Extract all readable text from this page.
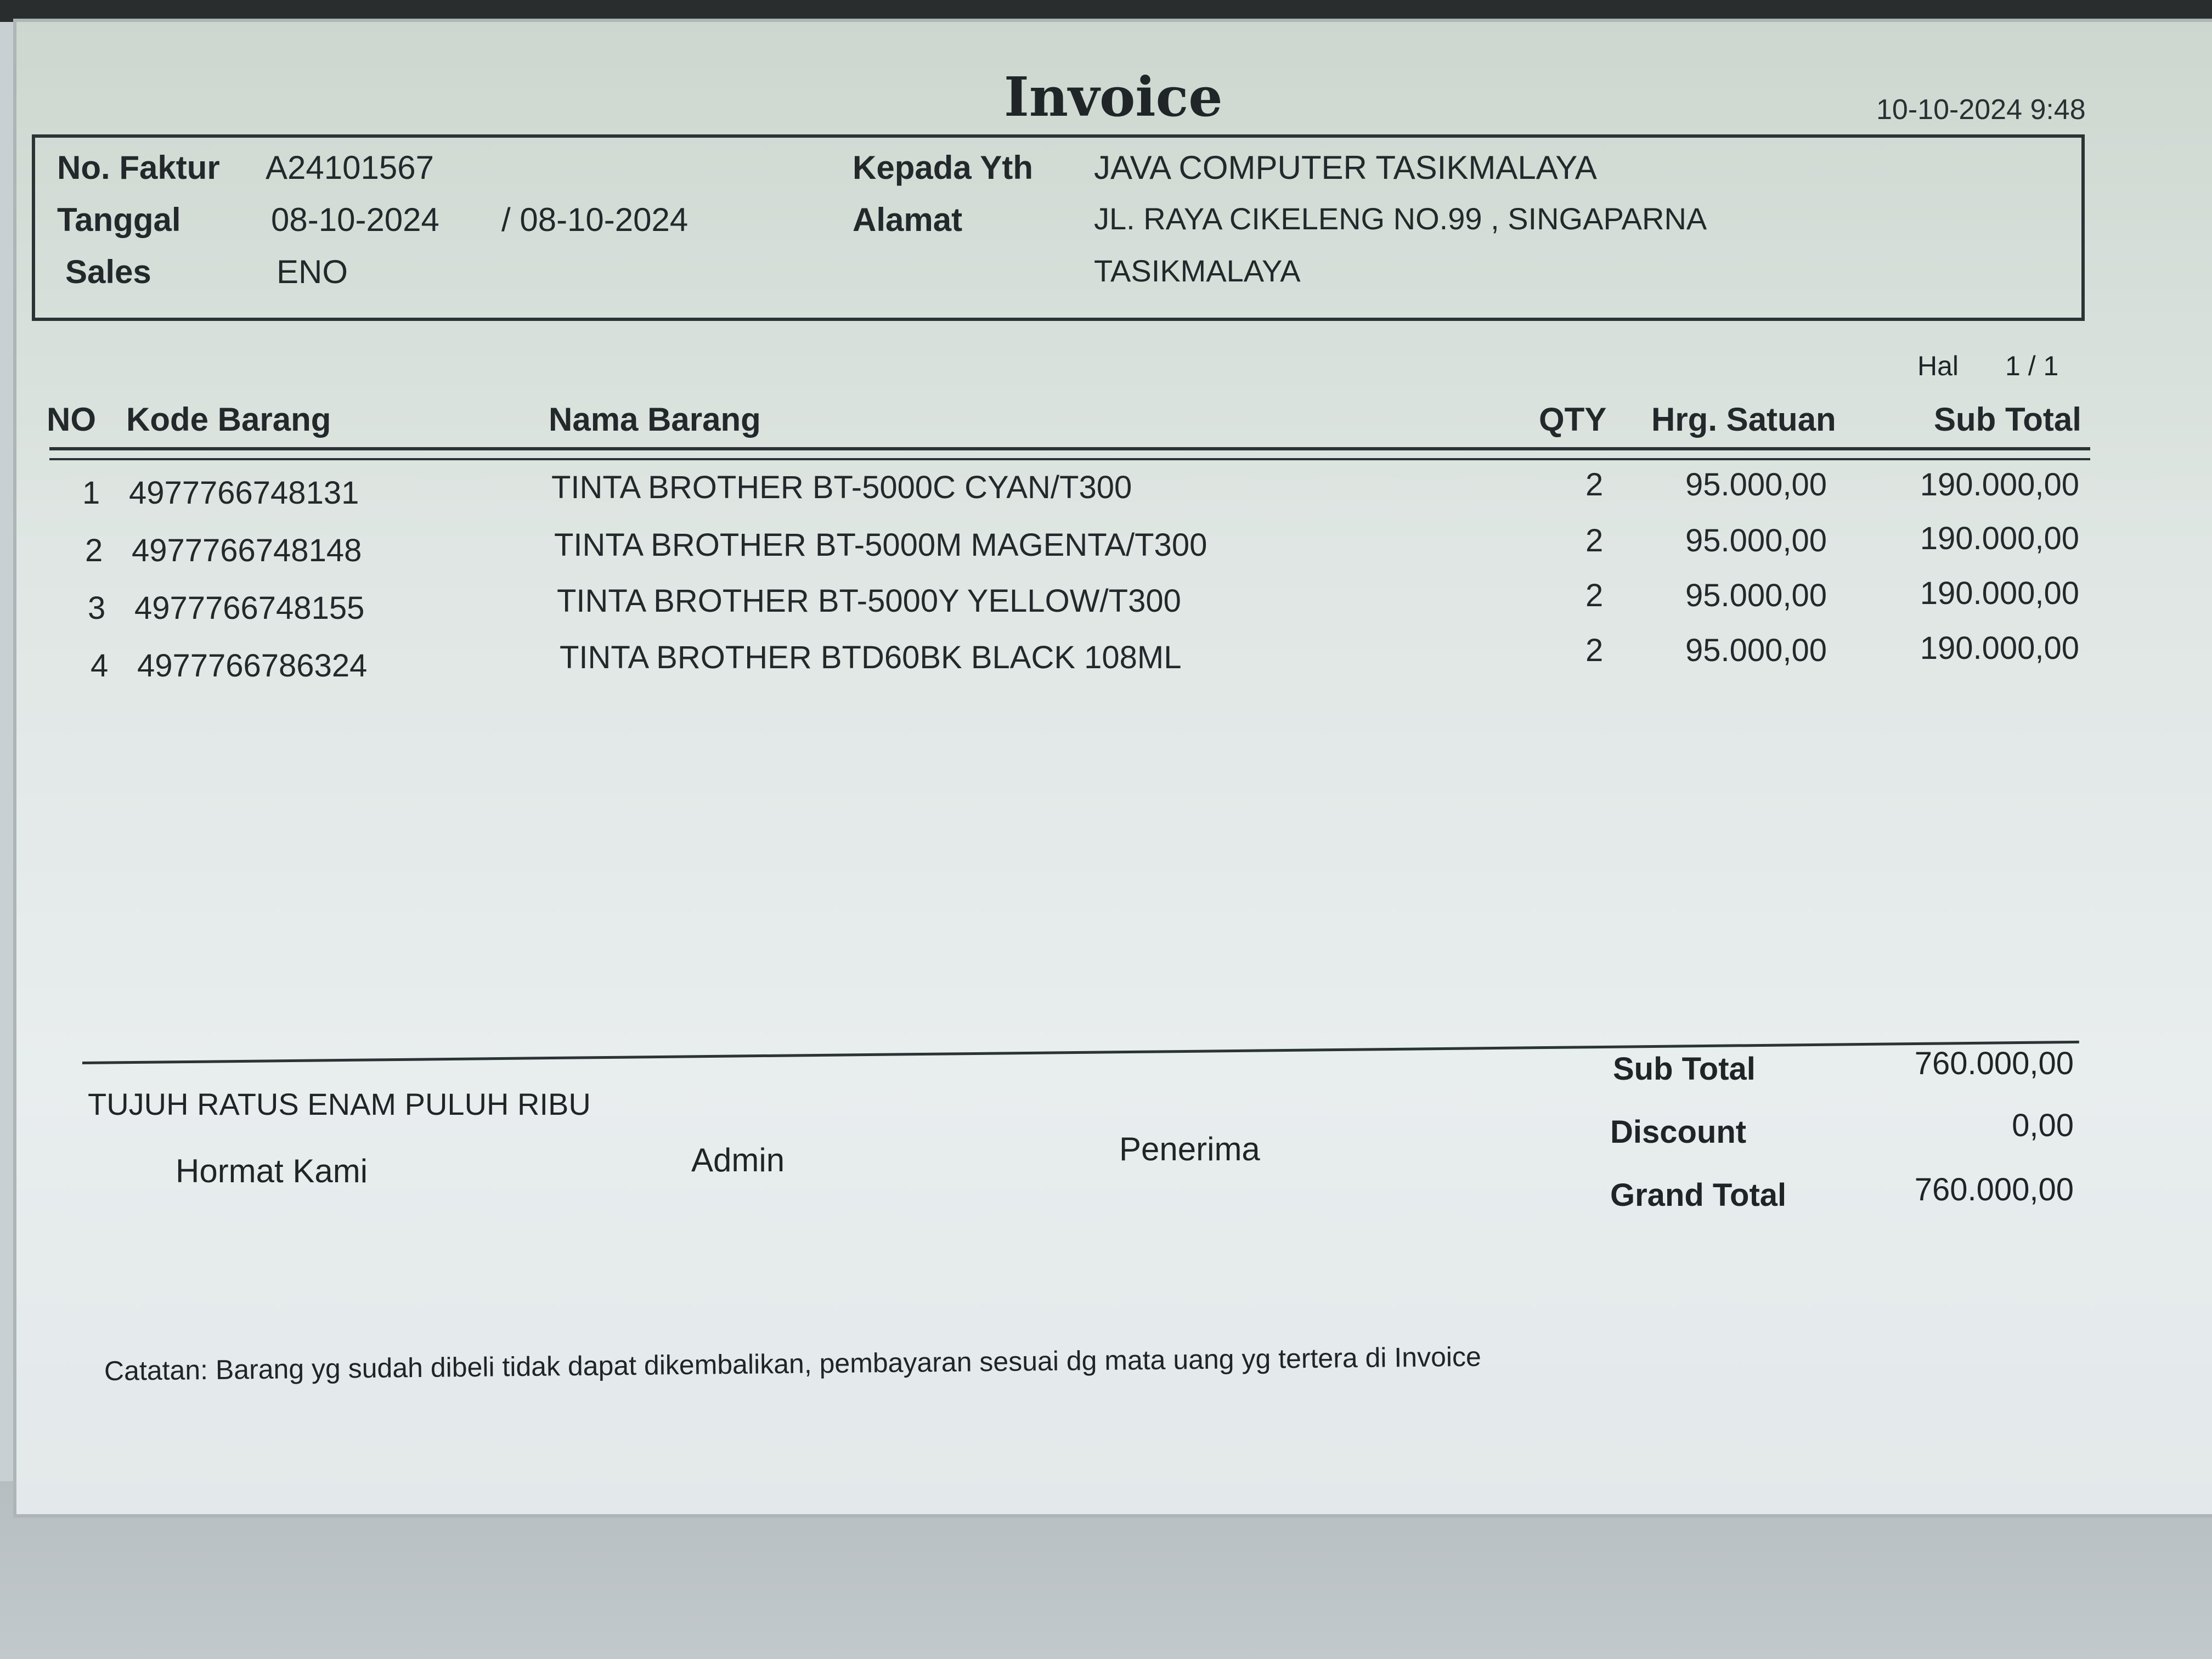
Invoice	10-10-2024 9:48
No. Faktur A24101567
Tanggal	08-10-2024 / 08-10-2024
Sales	ENO
Kepada Yth JAVA COMPUTER TASIKMALAYA
Alamat	JL. RAYA CIKELENG NO.99 , SINGAPARNA
TASIKMALAYA
Hal 1 / 1
NO Kode Barang	Nama Barang	QTY Hrg. Satuan	Sub Total
1 4977766748131	TINTA BROTHER BT-5000C CYAN/T300	2	95.000,00	190.000,00
2 4977766748148	TINTA BROTHER BT-5000M MAGENTA/T300	2	95.000,00	190.000,00
3 4977766748155	TINTA BROTHER BT-5000Y YELLOW/T300	2	95.000,00	190.000,00
4 4977766786324	TINTA BROTHER BTD60BK BLACK 108ML	2	95.000,00	190.000,00
TUJUH RATUS ENAM PULUH RIBU
Hormat Kami	Admin	Penerima
Sub Total	760.000,00
Discount	0,00
Grand Total	760.000,00
Catatan: Barang yg sudah dibeli tidak dapat dikembalikan, pembayaran sesuai dg mata uang yg tertera di Invoice
